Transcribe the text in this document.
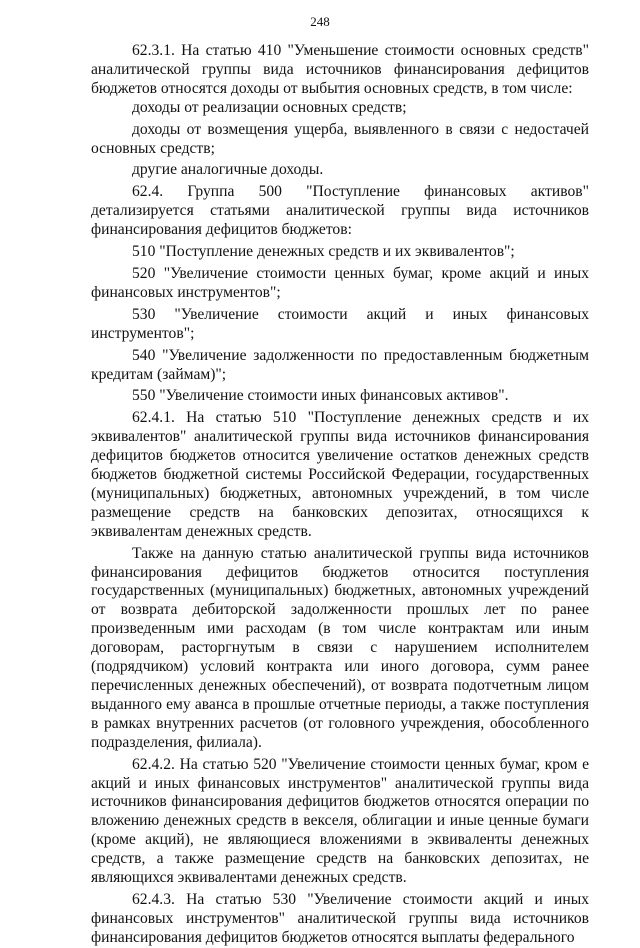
248

62.3.1. На статью 410 "Уменьшение стоимости основных средств" аналитической группы вида источников финансирования дефицитов бюджетов относятся доходы от выбытия основных средств, в том числе:

доходы от реализации основных средств;

доходы от возмещения ущерба, выявленного в связи с недостачей основных средств;

другие аналогичные доходы.

62.4. Группа 500 "Поступление финансовых активов" детализируется статьями аналитической группы вида источников финансирования дефицитов бюджетов:

510 "Поступление денежных средств и их эквивалентов";

520 "Увеличение стоимости ценных бумаг, кроме акций и иных финансовых инструментов";

530 "Увеличение стоимости акций и иных финансовых инструментов";

540 "Увеличение задолженности по предоставленным бюджетным кредитам (займам)";

550 "Увеличение стоимости иных финансовых активов".

62.4.1. На статью 510 "Поступление денежных средств и их эквивалентов" аналитической группы вида источников финансирования дефицитов бюджетов относится увеличение остатков денежных средств бюджетов бюджетной системы Российской Федерации, государственных (муниципальных) бюджетных, автономных учреждений, в том числе размещение средств на банковских депозитах, относящихся к эквивалентам денежных средств.

Также на данную статью аналитической группы вида источников финансирования дефицитов бюджетов относится поступления государственных (муниципальных) бюджетных, автономных учреждений от возврата дебиторской задолженности прошлых лет по ранее произведенным ими расходам (в том числе контрактам или иным договорам, расторгнутым в связи с нарушением исполнителем (подрядчиком) условий контракта или иного договора, сумм ранее перечисленных денежных обеспечений), от возврата подотчетным лицом выданного ему аванса в прошлые отчетные периоды, а также поступления в рамках внутренних расчетов (от головного учреждения, обособленного подразделения, филиала).

62.4.2. На статью 520 "Увеличение стоимости ценных бумаг, кром е акций и иных финансовых инструментов" аналитической группы вида источников финансирования дефицитов бюджетов относятся операции по вложению денежных средств в векселя, облигации и иные ценные бумаги (кроме акций), не являющиеся вложениями в эквиваленты денежных средств, а также размещение средств на банковских депозитах, не являющихся эквивалентами денежных средств.

62.4.3. На статью 530 "Увеличение стоимости акций и иных финансовых инструментов" аналитической группы вида источников финансирования дефицитов бюджетов относятся выплаты федерального
